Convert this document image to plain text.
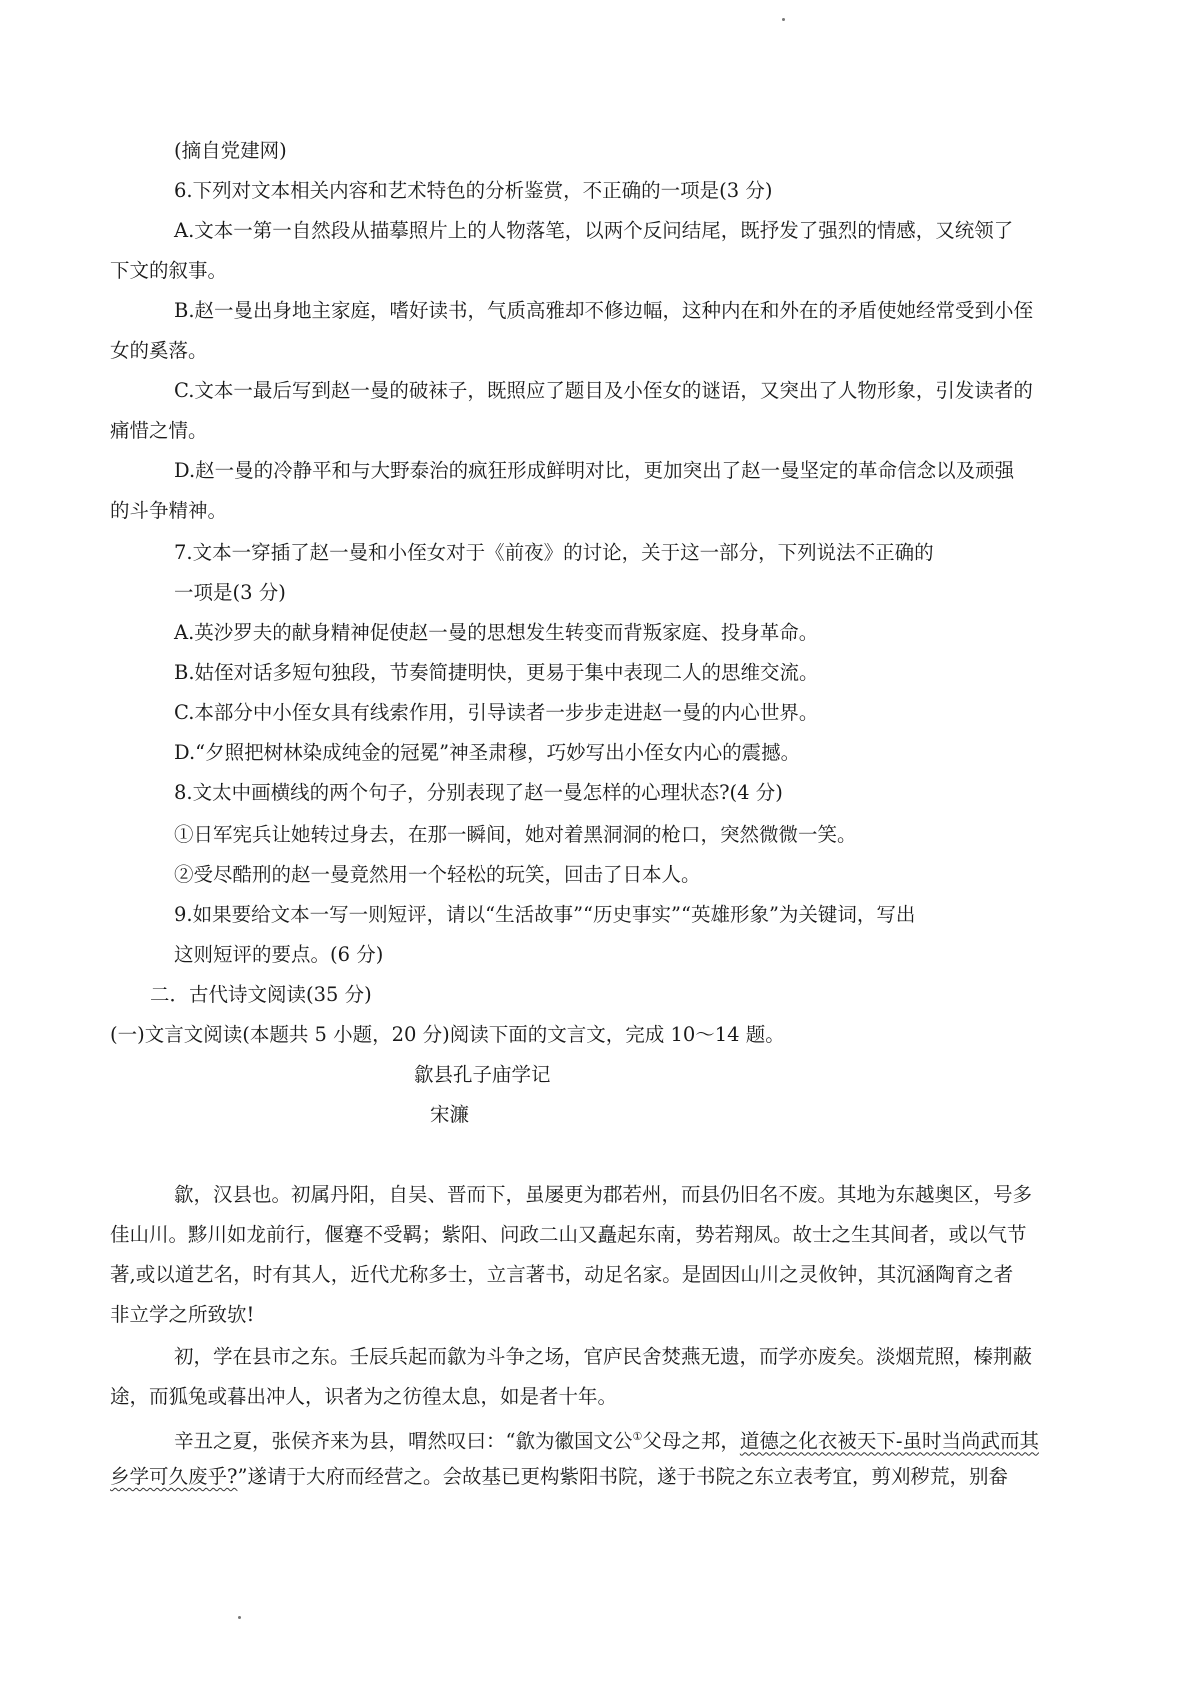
(摘自党建网)
6.下列对文本相关内容和艺术特色的分析鉴赏，不正确的一项是(3 分)
A.文本一第一自然段从描摹照片上的人物落笔，以两个反问结尾，既抒发了强烈的情感，又统领了
下文的叙事。
B.赵一曼出身地主家庭，嗜好读书，气质高雅却不修边幅，这种内在和外在的矛盾使她经常受到小侄
女的奚落。
C.文本一最后写到赵一曼的破袜子，既照应了题目及小侄女的谜语，又突出了人物形象，引发读者的
痛惜之情。
D.赵一曼的冷静平和与大野泰治的疯狂形成鲜明对比，更加突出了赵一曼坚定的革命信念以及顽强
的斗争精神。
7.文本一穿插了赵一曼和小侄女对于《前夜》的讨论，关于这一部分，下列说法不正确的
一项是(3 分)
A.英沙罗夫的献身精神促使赵一曼的思想发生转变而背叛家庭、投身革命。
B.姑侄对话多短句独段，节奏简捷明快，更易于集中表现二人的思维交流。
C.本部分中小侄女具有线索作用，引导读者一步步走进赵一曼的内心世界。
D.“夕照把树林染成纯金的冠冕”神圣肃穆，巧妙写出小侄女内心的震撼。
8.文太中画横线的两个句子，分别表现了赵一曼怎样的心理状态?(4 分)
①日军宪兵让她转过身去，在那一瞬间，她对着黑洞洞的枪口，突然微微一笑。
②受尽酷刑的赵一曼竟然用一个轻松的玩笑，回击了日本人。
9.如果要给文本一写一则短评，请以“生活故事”“历史事实”“英雄形象”为关键词，写出
这则短评的要点。(6 分)
二．古代诗文阅读(35 分)
(一)文言文阅读(本题共 5 小题，20 分)阅读下面的文言文，完成 10～14 题。
歙县孔子庙学记
宋濂
歙，汉县也。初属丹阳，自吴、晋而下，虽屡更为郡若州，而县仍旧名不废。其地为东越奥区，号多
佳山川。黟川如龙前行，偃蹇不受羁；紫阳、问政二山又矗起东南，势若翔凤。故士之生其间者，或以气节
著,或以道艺名，时有其人，近代尤称多士，立言著书，动足名家。是固因山川之灵攸钟，其沉涵陶育之者
非立学之所致欤!
初，学在县市之东。壬辰兵起而歙为斗争之场，官庐民舍焚燕无遗，而学亦废矣。淡烟荒照，榛荆蔽
途，而狐兔或暮出冲人，识者为之彷徨太息，如是者十年。
辛丑之夏，张侯齐来为县，喟然叹曰：“歙为徽国文公①父母之邦，道德之化衣被天下-虽时当尚武而其
乡学可久废乎?”遂请于大府而经营之。会故基已更构紫阳书院，遂于书院之东立表考宜，剪刈秽荒，别畚
